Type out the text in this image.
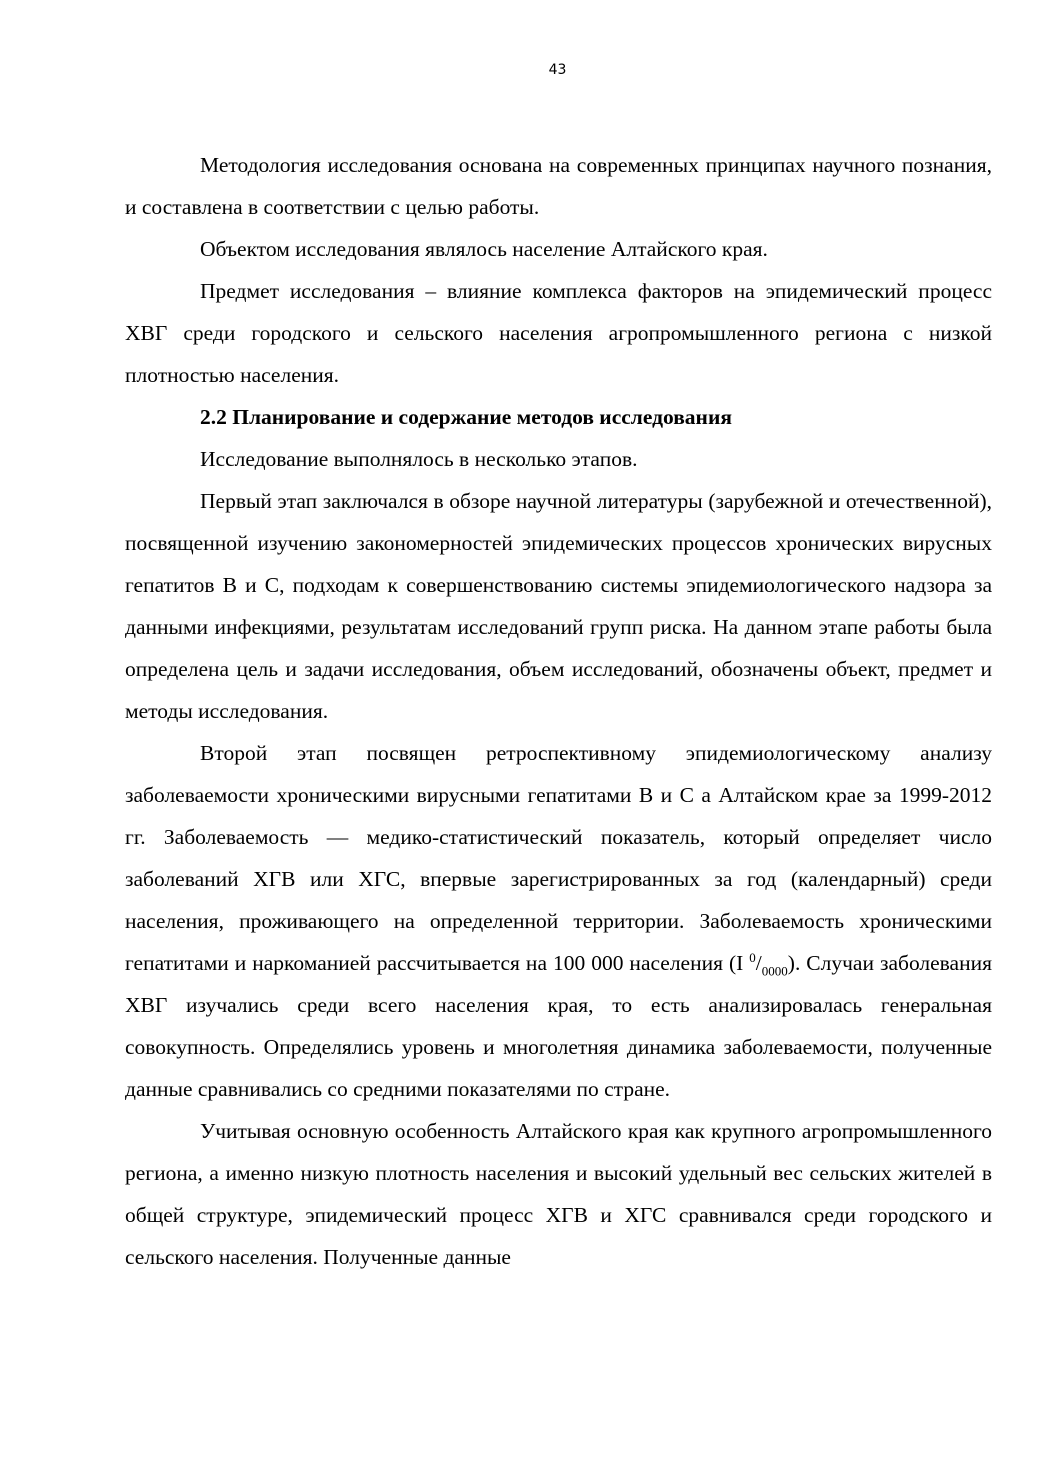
43

Методология исследования основана на современных принципах научного познания, и составлена в соответствии с целью работы.

Объектом исследования являлось население Алтайского края.

Предмет исследования – влияние комплекса факторов на эпидемический процесс ХВГ среди городского и сельского населения агропромышленного региона с низкой плотностью населения.

2.2 Планирование и содержание методов исследования

Исследование выполнялось в несколько этапов.

Первый этап заключался в обзоре научной литературы (зарубежной и отечественной), посвященной изучению закономерностей эпидемических процессов хронических вирусных гепатитов В и С, подходам к совершенствованию системы эпидемиологического надзора за данными инфекциями, результатам исследований групп риска. На данном этапе работы была определена цель и задачи исследования, объем исследований, обозначены объект, предмет и методы исследования.

Второй этап посвящен ретроспективному эпидемиологическому анализу заболеваемости хроническими вирусными гепатитами В и С а Алтайском крае за 1999-2012 гг. Заболеваемость — медико-статистический показатель, который определяет число заболеваний ХГВ или ХГС, впервые зарегистрированных за год (календарный) среди населения, проживающего на определенной территории. Заболеваемость хроническими гепатитами и наркоманией рассчитывается на 100 000 населения (I $^0/_{0000}$). Случаи заболевания ХВГ изучались среди всего населения края, то есть анализировалась генеральная совокупность. Определялись уровень и многолетняя динамика заболеваемости, полученные данные сравнивались со средними показателями по стране.

Учитывая основную особенность Алтайского края как крупного агропромышленного региона, а именно низкую плотность населения и высокий удельный вес сельских жителей в общей структуре, эпидемический процесс ХГВ и ХГС сравнивался среди городского и сельского населения. Полученные данные
